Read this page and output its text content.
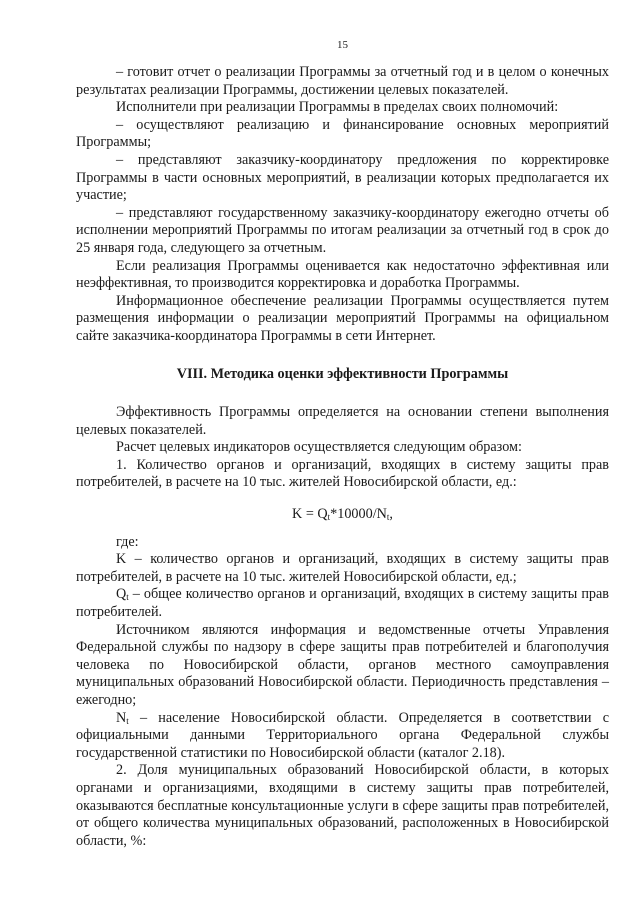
15

– готовит отчет о реализации Программы за отчетный год и в целом о конечных результатах реализации Программы, достижении целевых показателей.

Исполнители при реализации Программы в пределах своих полномочий:

– осуществляют реализацию и финансирование основных мероприятий Программы;

– представляют заказчику-координатору предложения по корректировке Программы в части основных мероприятий, в реализации которых предполагается их участие;

– представляют государственному заказчику-координатору ежегодно отчеты об исполнении мероприятий Программы по итогам реализации за отчетный год в срок до 25 января года, следующего за отчетным.

Если реализация Программы оценивается как недостаточно эффективная или неэффективная, то производится корректировка и доработка Программы.

Информационное обеспечение реализации Программы осуществляется путем размещения информации о реализации мероприятий Программы на официальном сайте заказчика-координатора Программы в сети Интернет.

VIII. Методика оценки эффективности Программы

Эффективность Программы определяется на основании степени выполнения целевых показателей.

Расчет целевых индикаторов осуществляется следующим образом:

1. Количество органов и организаций, входящих в систему защиты прав потребителей, в расчете на 10 тыс. жителей Новосибирской области, ед.:

$K = Q_t*10000/N_t$,

где:

K – количество органов и организаций, входящих в систему защиты прав потребителей, в расчете на 10 тыс. жителей Новосибирской области, ед.;

$Q_t$ – общее количество органов и организаций, входящих в систему защиты прав потребителей.

Источником являются информация и ведомственные отчеты Управления Федеральной службы по надзору в сфере защиты прав потребителей и благополучия человека по Новосибирской области, органов местного самоуправления муниципальных образований Новосибирской области. Периодичность представления – ежегодно;

$N_t$ – население Новосибирской области. Определяется в соответствии с официальными данными Территориального органа Федеральной службы государственной статистики по Новосибирской области (каталог 2.18).

2. Доля муниципальных образований Новосибирской области, в которых органами и организациями, входящими в систему защиты прав потребителей, оказываются бесплатные консультационные услуги в сфере защиты прав потребителей, от общего количества муниципальных образований, расположенных в Новосибирской области, %:
